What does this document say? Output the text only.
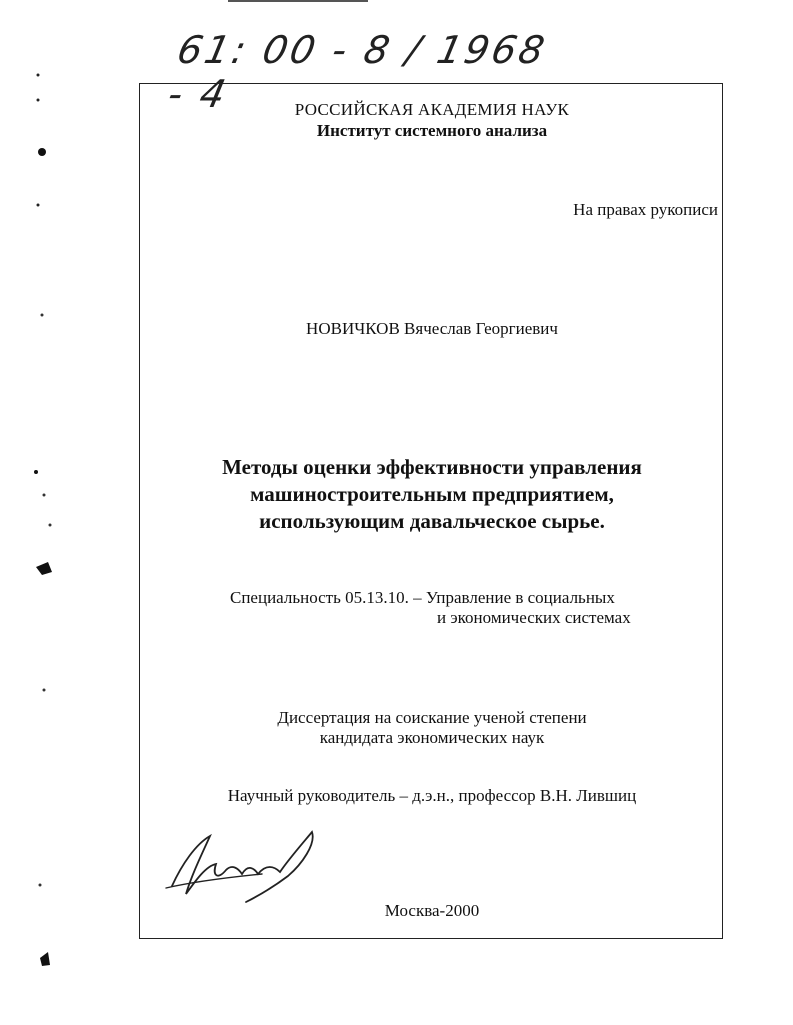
61: 00 - 8 / 1968 - 4	РОССИЙСКАЯ АКАДЕМИЯ НАУК
Институт системного анализа
На правах рукописи
НОВИЧКОВ Вячеслав Георгиевич
Методы оценки эффективности управления
машиностроительным предприятием,
использующим давальческое сырье.
Специальность 05.13.10. – Управление в социальных
и экономических системах
Диссертация на соискание ученой степени
кандидата экономических наук
Научный руководитель – д.э.н., профессор В.Н. Лившиц
Москва-2000
